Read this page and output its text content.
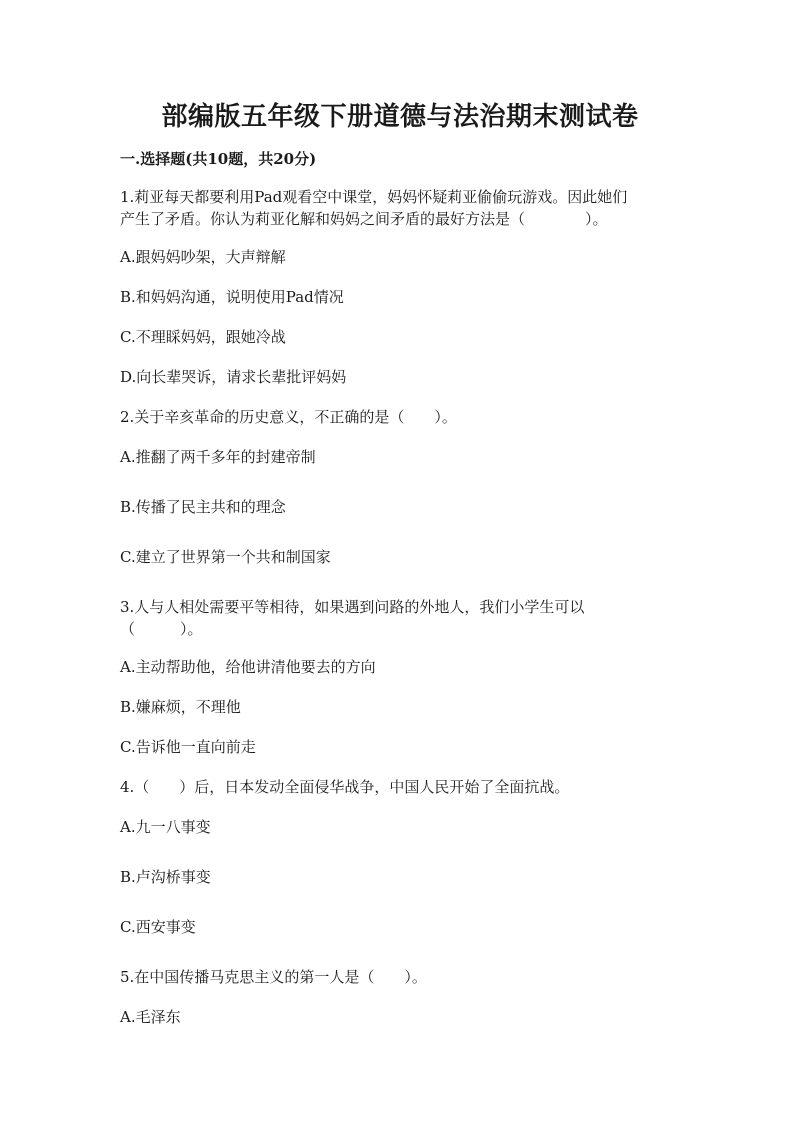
部编版五年级下册道德与法治期末测试卷
一.选择题(共10题，共20分)

1.莉亚每天都要利用Pad观看空中课堂，妈妈怀疑莉亚偷偷玩游戏。因此她们

产生了矛盾。你认为莉亚化解和妈妈之间矛盾的最好方法是（　　　　）。

A.跟妈妈吵架，大声辩解

B.和妈妈沟通，说明使用Pad情况

C.不理睬妈妈，跟她冷战

D.向长辈哭诉，请求长辈批评妈妈

2.关于辛亥革命的历史意义，不正确的是（　　）。

A.推翻了两千多年的封建帝制

B.传播了民主共和的理念

C.建立了世界第一个共和制国家

3.人与人相处需要平等相待，如果遇到问路的外地人，我们小学生可以

（　　　）。

A.主动帮助他，给他讲清他要去的方向

B.嫌麻烦，不理他

C.告诉他一直向前走

4.（　　）后，日本发动全面侵华战争，中国人民开始了全面抗战。

A.九一八事变

B.卢沟桥事变

C.西安事变

5.在中国传播马克思主义的第一人是（　　）。

A.毛泽东
